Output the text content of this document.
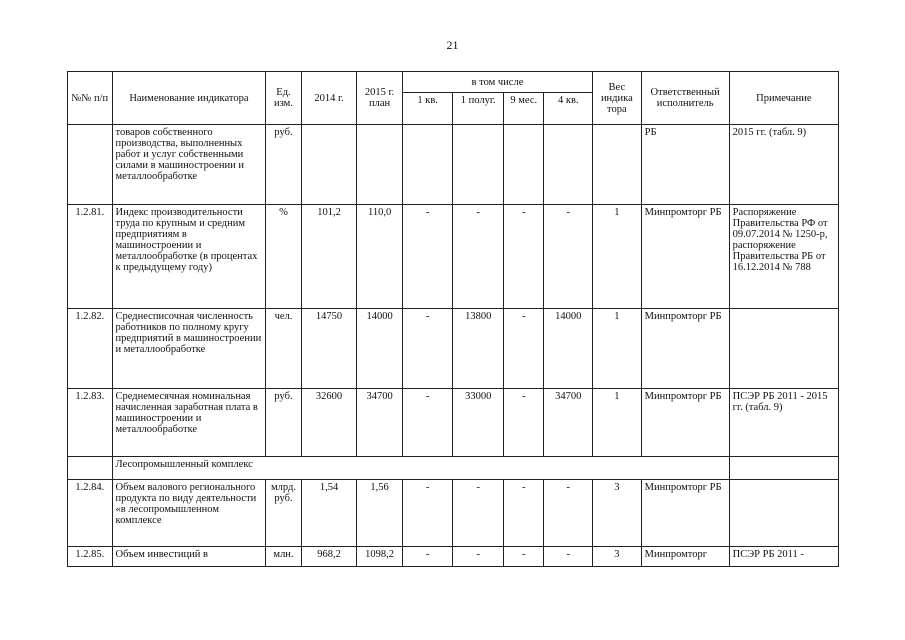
21
№№ п/п	Наименование индикатора	Ед. изм.	2014 г.	2015 г. план	в том числе				Вес индика тора	Ответственный исполнитель	Примечание
					1 кв.	1 полуг.	9 мес.	4 кв.			
	товаров собственного производства, выполненных работ и услуг собственными силами в машиностроении и металлообработке	руб.								РБ	2015 гг. (табл. 9)
1.2.81.	Индекс производительности труда по крупным и средним предприятиям в машиностроении и металлообработке (в процентах к предыдущему году)	%	101,2	110,0	-	-	-	-	1	Минпромторг РБ	Распоряжение Правительства РФ от 09.07.2014 № 1250-р, распоряжение Правительства РБ от 16.12.2014 № 788
1.2.82.	Среднесписочная численность работников по полному кругу предприятий в машиностроении и металлообработке	чел.	14750	14000	-	13800	-	14000	1	Минпромторг РБ	
1.2.83.	Среднемесячная номинальная начисленная заработная плата в машиностроении и металлообработке	руб.	32600	34700	-	33000	-	34700	1	Минпромторг РБ	ПСЭР РБ 2011 - 2015 гг. (табл. 9)
	Лесопромышленный комплекс										
1.2.84.	Объем валового регионального продукта по виду деятельности «в лесопромышленном комплексе	млрд. руб.	1,54	1,56	-	-	-	-	3	Минпромторг РБ	
1.2.85.	Объем инвестиций в	млн.	968,2	1098,2	-	-	-	-	3	Минпромторг	ПСЭР РБ 2011 -
